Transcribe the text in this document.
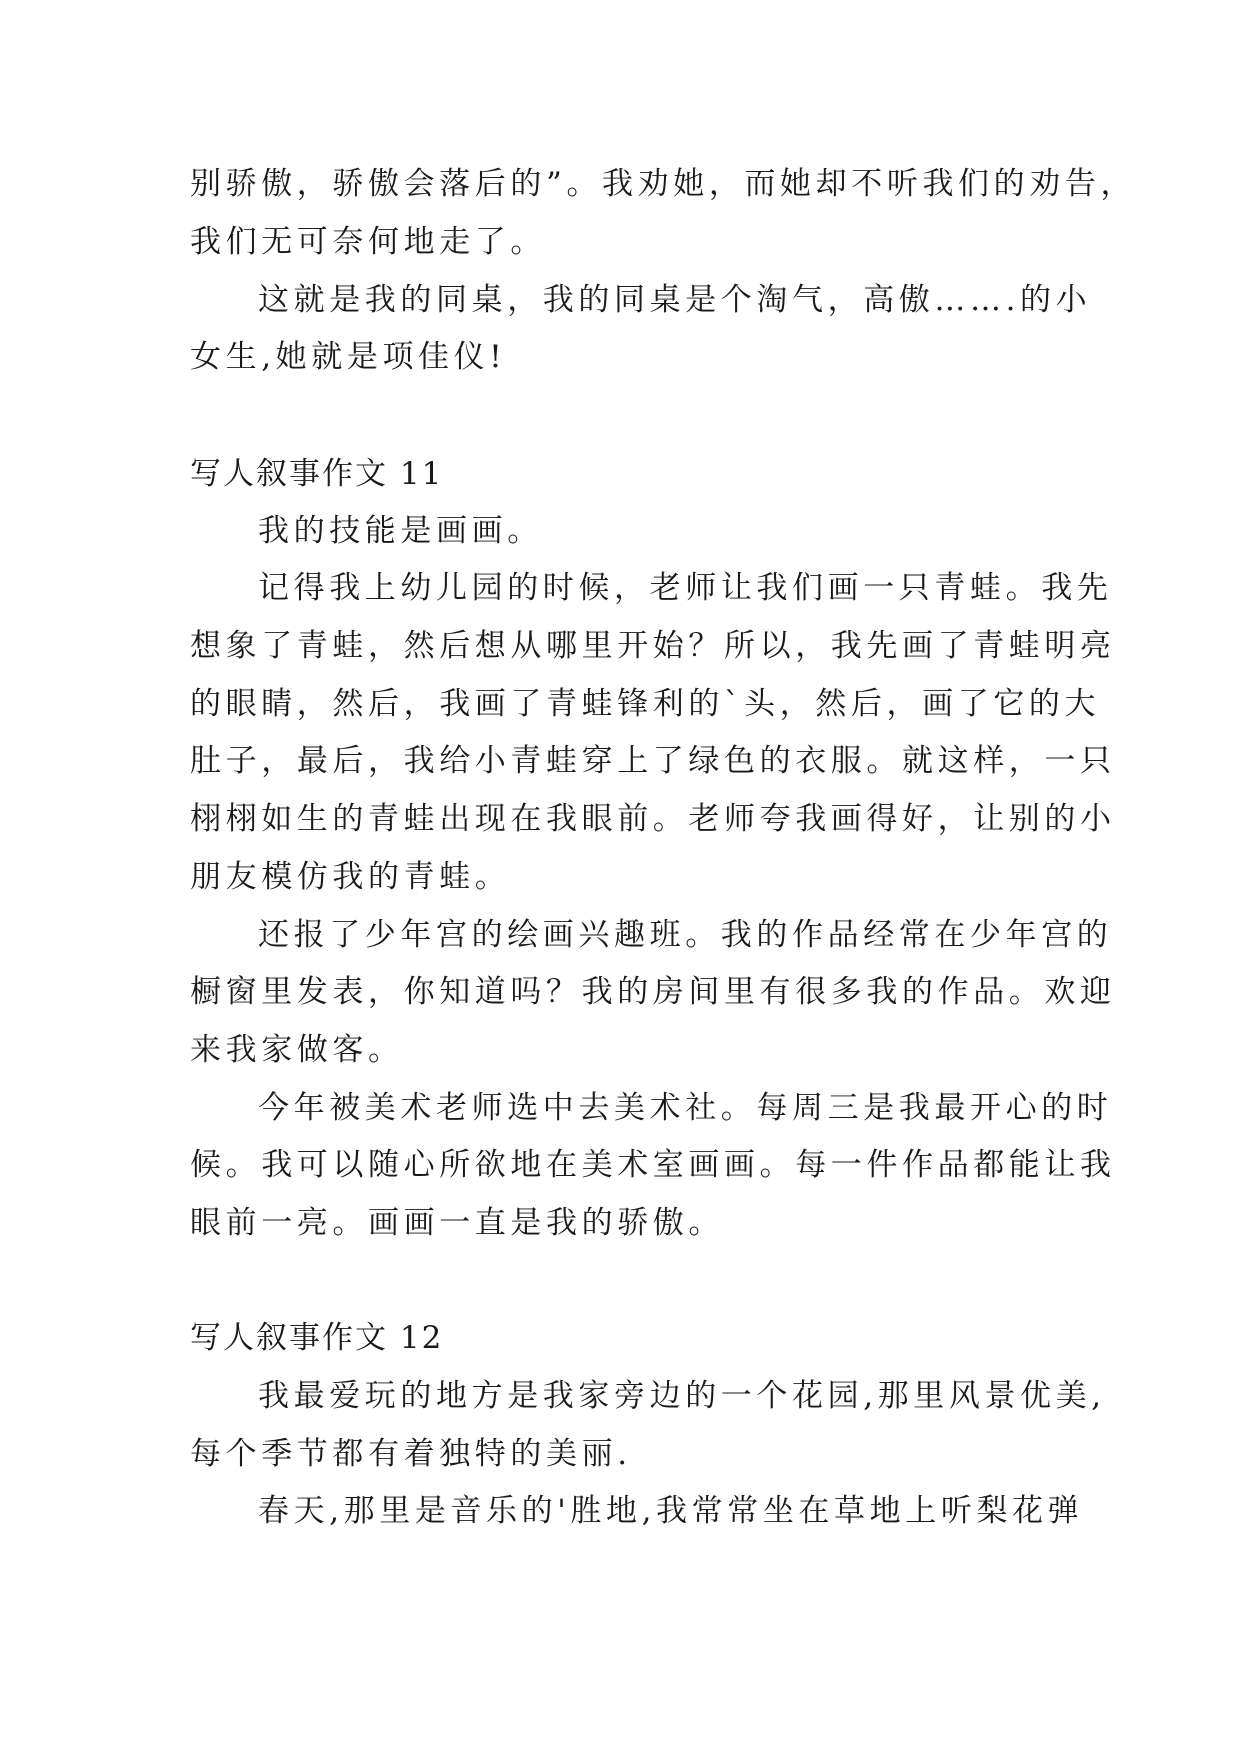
别骄傲，骄傲会落后的”。我劝她，而她却不听我们的劝告，
我们无可奈何地走了。
这就是我的同桌，我的同桌是个淘气，高傲…….的小
女生,她就是项佳仪!
写人叙事作文 11
我的技能是画画。
记得我上幼儿园的时候，老师让我们画一只青蛙。我先
想象了青蛙，然后想从哪里开始？所以，我先画了青蛙明亮
的眼睛，然后，我画了青蛙锋利的`头，然后，画了它的大
肚子，最后，我给小青蛙穿上了绿色的衣服。就这样，一只
栩栩如生的青蛙出现在我眼前。老师夸我画得好，让别的小
朋友模仿我的青蛙。
还报了少年宫的绘画兴趣班。我的作品经常在少年宫的
橱窗里发表，你知道吗？我的房间里有很多我的作品。欢迎
来我家做客。
今年被美术老师选中去美术社。每周三是我最开心的时
候。我可以随心所欲地在美术室画画。每一件作品都能让我
眼前一亮。画画一直是我的骄傲。
写人叙事作文 12
我最爱玩的地方是我家旁边的一个花园,那里风景优美,
每个季节都有着独特的美丽.
春天,那里是音乐的'胜地,我常常坐在草地上听梨花弹
